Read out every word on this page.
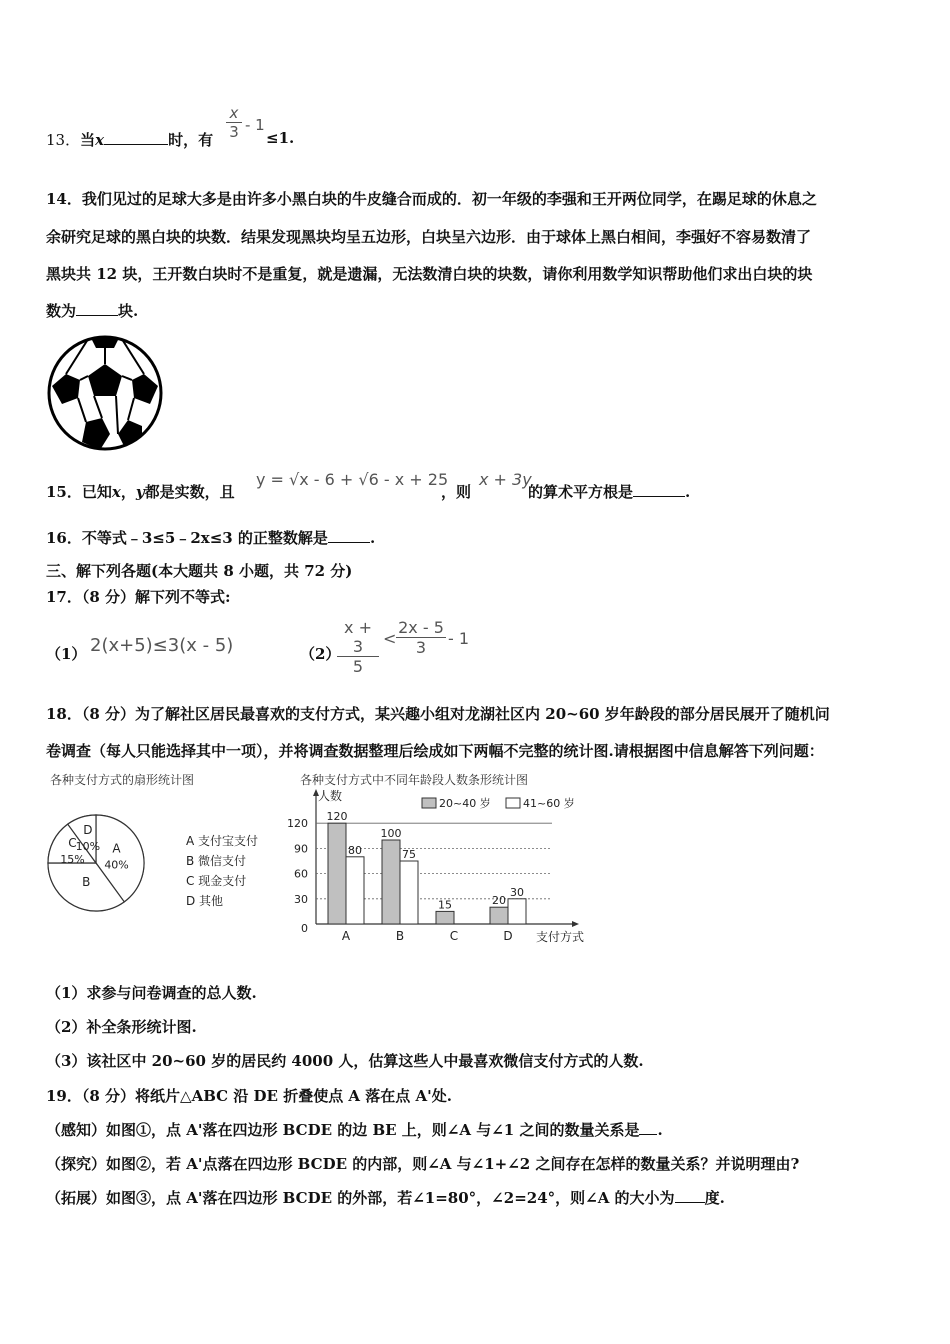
13．当x	时，有
x
3 - 1
≤1.
14．我们见过的足球大多是由许多小黑白块的牛皮缝合而成的．初一年级的李强和王开两位同学，在踢足球的休息之
余研究足球的黑白块的块数．结果发现黑块均呈五边形，白块呈六边形．由于球体上黑白相间，李强好不容易数清了
黑块共 12 块，王开数白块时不是重复，就是遗漏，无法数清白块的块数，请你利用数学知识帮助他们求出白块的块
数为	块.
15．已知x，y都是实数，且
y = √x - 6 + √6 - x + 25
，则
x + 3y
的算术平方根是	.
16．不等式﹣3≤5﹣2x≤3 的正整数解是	.
三、解下列各题(本大题共 8 小题，共 72 分)
17．（8 分）解下列不等式:
（1） 2(x+5)≤3(x - 5)	（2）
x + 3
5
<
2x - 5
3	- 1
18．（8 分）为了解社区居民最喜欢的支付方式，某兴趣小组对龙湖社区内 20~60 岁年龄段的部分居民展开了随机问
卷调查（每人只能选择其中一项），并将调查数据整理后绘成如下两幅不完整的统计图.请根据图中信息解答下列问题：
各种支付方式的扇形统计图
A
40%
B
C
15%
D
10%	A 支付宝支付
B 微信支付
C 现金支付
D 其他
各种支付方式中不同年龄段人数条形统计图
人数
支付方式
0
30
60
90
120
20~40 岁	41~60 岁
120
80
A
100
75
B
15
C
20
30
D
（1）求参与问卷调查的总人数.
（2）补全条形统计图.
（3）该社区中 20~60 岁的居民约 4000 人，估算这些人中最喜欢微信支付方式的人数.
19．（8 分）将纸片△ABC 沿 DE 折叠使点 A 落在点 A'处.
（感知）如图①，点 A'落在四边形 BCDE 的边 BE 上，则∠A 与∠1 之间的数量关系是 .
（探究）如图②，若 A'点落在四边形 BCDE 的内部，则∠A 与∠1+∠2 之间存在怎样的数量关系？并说明理由?
（拓展）如图③，点 A'落在四边形 BCDE 的外部，若∠1=80°，∠2=24°，则∠A 的大小为 度.
